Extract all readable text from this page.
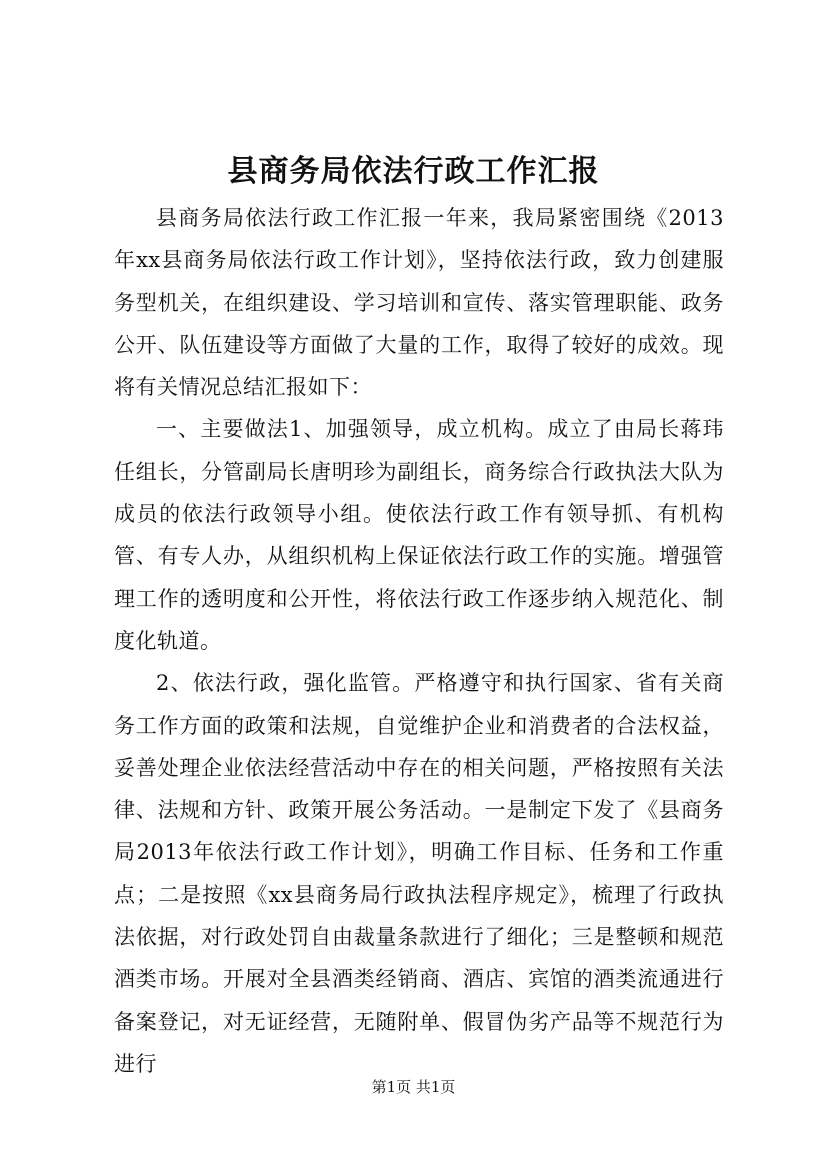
县商务局依法行政工作汇报

县商务局依法行政工作汇报一年来，我局紧密围绕《2013年xx县商务局依法行政工作计划》，坚持依法行政，致力创建服务型机关，在组织建设、学习培训和宣传、落实管理职能、政务公开、队伍建设等方面做了大量的工作，取得了较好的成效。现将有关情况总结汇报如下：

一、主要做法1、加强领导，成立机构。成立了由局长蒋玮任组长，分管副局长唐明珍为副组长，商务综合行政执法大队为成员的依法行政领导小组。使依法行政工作有领导抓、有机构管、有专人办，从组织机构上保证依法行政工作的实施。增强管理工作的透明度和公开性，将依法行政工作逐步纳入规范化、制度化轨道。

2、依法行政，强化监管。严格遵守和执行国家、省有关商务工作方面的政策和法规，自觉维护企业和消费者的合法权益，妥善处理企业依法经营活动中存在的相关问题，严格按照有关法律、法规和方针、政策开展公务活动。一是制定下发了《县商务局2013年依法行政工作计划》，明确工作目标、任务和工作重点；二是按照《xx县商务局行政执法程序规定》，梳理了行政执法依据，对行政处罚自由裁量条款进行了细化；三是整顿和规范酒类市场。开展对全县酒类经销商、酒店、宾馆的酒类流通进行备案登记，对无证经营，无随附单、假冒伪劣产品等不规范行为进行

第1页 共1页
